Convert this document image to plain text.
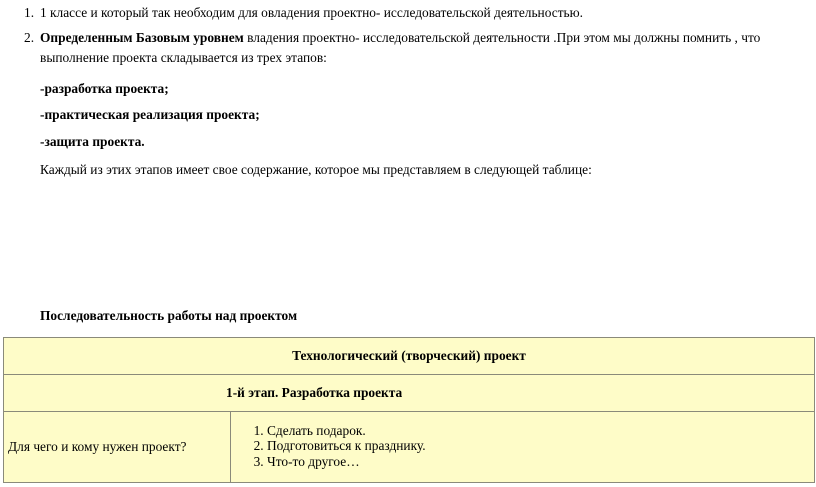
1. 1 классе и который так необходим для овладения проектно- исследовательской деятельностью.
2. Определенным Базовым уровнем владения проектно- исследовательской деятельности .При этом мы должны помнить , что выполнение проекта складывается из трех этапов:
-разработка проекта;
-практическая реализация проекта;
-защита проекта.
Каждый из этих этапов имеет свое содержание, которое мы представляем в следующей таблице:
Последовательность работы над проектом
Технологический (творческий) проект
1-й этап. Разработка проекта
Для чего и кому нужен проект?	
1. Сделать подарок.
2. Подготовиться к празднику.
3. Что-то другое…
